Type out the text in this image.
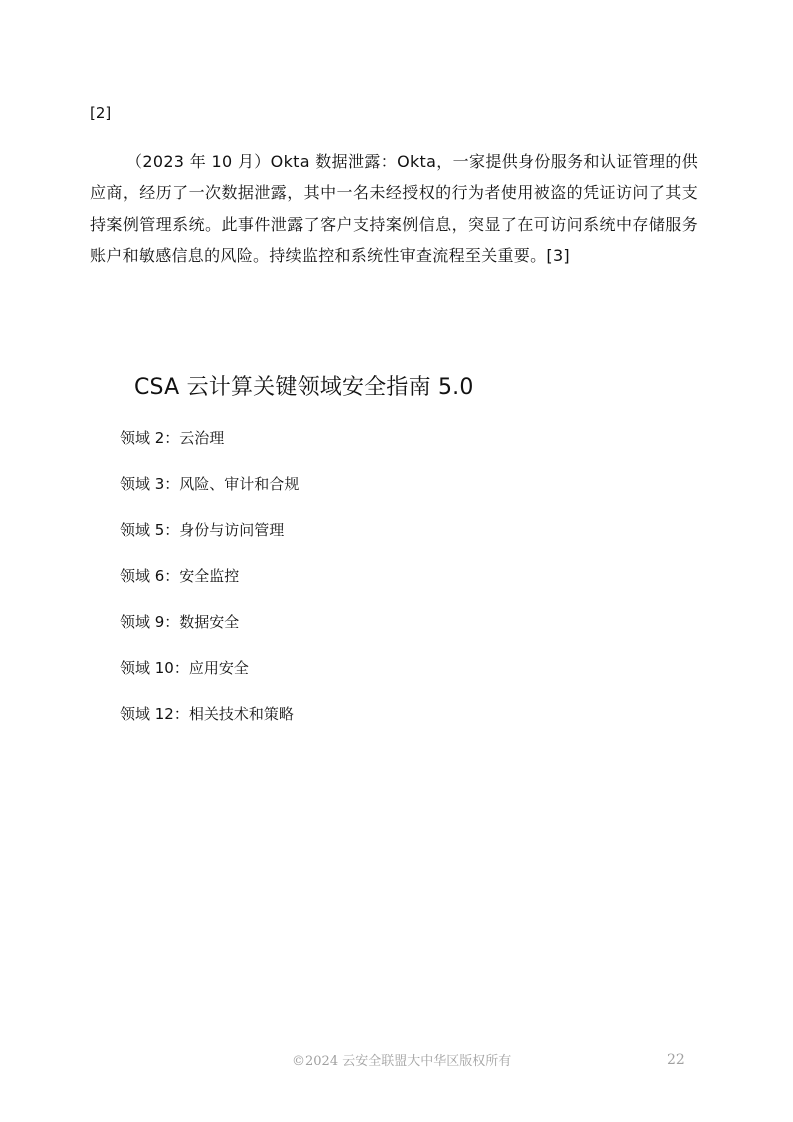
[2]

（2023 年 10 月）Okta 数据泄露：Okta，一家提供身份服务和认证管理的供应商，经历了一次数据泄露，其中一名未经授权的行为者使用被盗的凭证访问了其支持案例管理系统。此事件泄露了客户支持案例信息，突显了在可访问系统中存储服务账户和敏感信息的风险。持续监控和系统性审查流程至关重要。[3]

CSA 云计算关键领域安全指南 5.0
领域 2：云治理
领域 3：风险、审计和合规
领域 5：身份与访问管理
领域 6：安全监控
领域 9：数据安全
领域 10：应用安全
领域 12：相关技术和策略
©2024 云安全联盟大中华区版权所有	22
